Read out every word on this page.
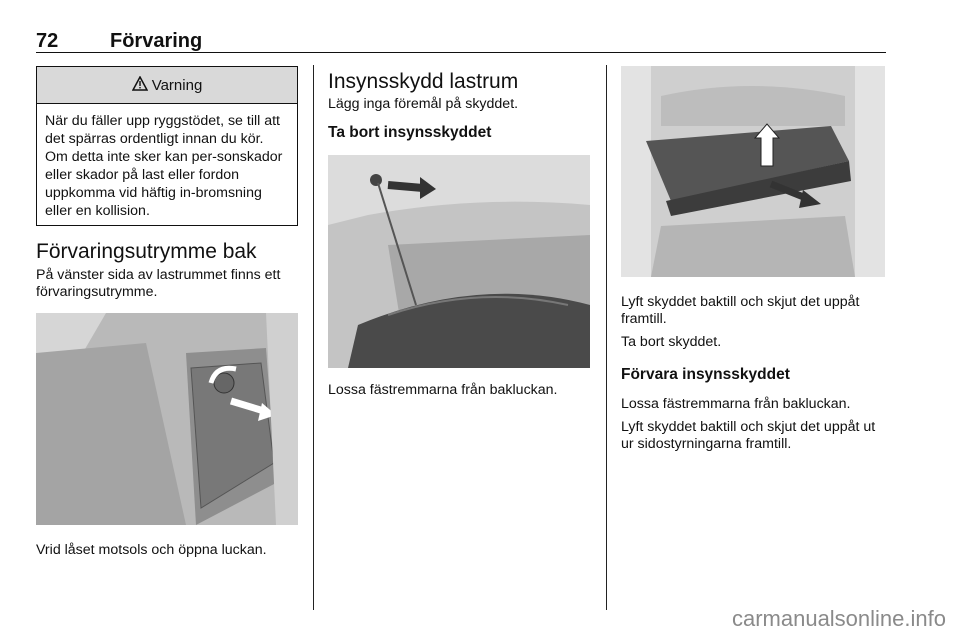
72	Förvaring
Varning
När du fäller upp ryggstödet, se till att det spärras ordentligt innan du kör. Om detta inte sker kan per-sonskador eller skador på last eller fordon uppkomma vid häftig in-bromsning eller en kollision.
Förvaringsutrymme bak

På vänster sida av lastrummet finns ett förvaringsutrymme.

Vrid låset motsols och öppna luckan.

Insynsskydd lastrum

Lägg inga föremål på skyddet.

Ta bort insynsskyddet

Lossa fästremmarna från bakluckan.

Lyft skyddet baktill och skjut det uppåt framtill.

Ta bort skyddet.

Förvara insynsskyddet

Lossa fästremmarna från bakluckan.

Lyft skyddet baktill och skjut det uppåt ut ur sidostyrningarna framtill.

carmanualsonline.info
